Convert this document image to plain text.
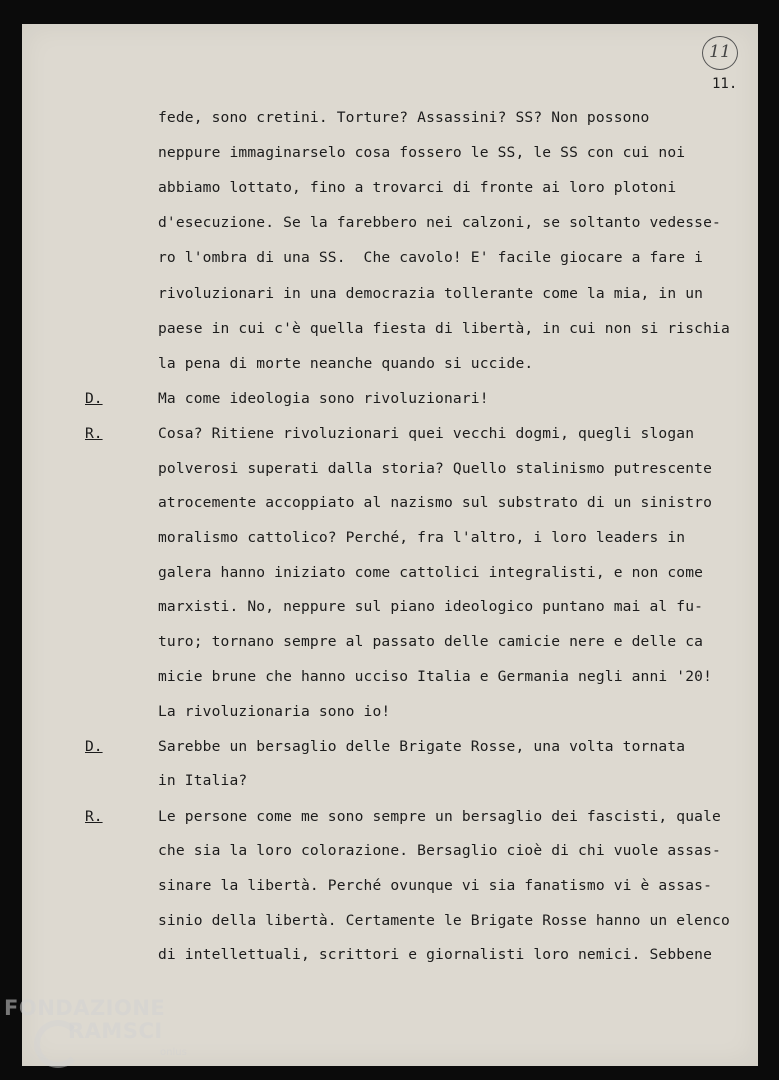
11
11.
D.
R.
D.
R.
fede, sono cretini. Torture? Assassini? SS? Non possono
neppure immaginarselo cosa fossero le SS, le SS con cui noi
abbiamo lottato, fino a trovarci di fronte ai loro plotoni
d'esecuzione. Se la farebbero nei calzoni, se soltanto vedesse-
ro l'ombra di una SS.  Che cavolo! E' facile giocare a fare i
rivoluzionari in una democrazia tollerante come la mia, in un
paese in cui c'è quella fiesta di libertà, in cui non si rischia
la pena di morte neanche quando si uccide.
Ma come ideologia sono rivoluzionari!
Cosa? Ritiene rivoluzionari quei vecchi dogmi, quegli slogan
polverosi superati dalla storia? Quello stalinismo putrescente
atrocemente accoppiato al nazismo sul substrato di un sinistro
moralismo cattolico? Perché, fra l'altro, i loro leaders in
galera hanno iniziato come cattolici integralisti, e non come
marxisti. No, neppure sul piano ideologico puntano mai al fu-
turo; tornano sempre al passato delle camicie nere e delle ca
micie brune che hanno ucciso Italia e Germania negli anni '20!
La rivoluzionaria sono io!
Sarebbe un bersaglio delle Brigate Rosse, una volta tornata
in Italia?
Le persone come me sono sempre un bersaglio dei fascisti, quale
che sia la loro colorazione. Bersaglio cioè di chi vuole assas-
sinare la libertà. Perché ovunque vi sia fanatismo vi è assas-
sinio della libertà. Certamente le Brigate Rosse hanno un elenco
di intellettuali, scrittori e giornalisti loro nemici. Sebbene
FONDAZIONE
RAMSCI
onlus
